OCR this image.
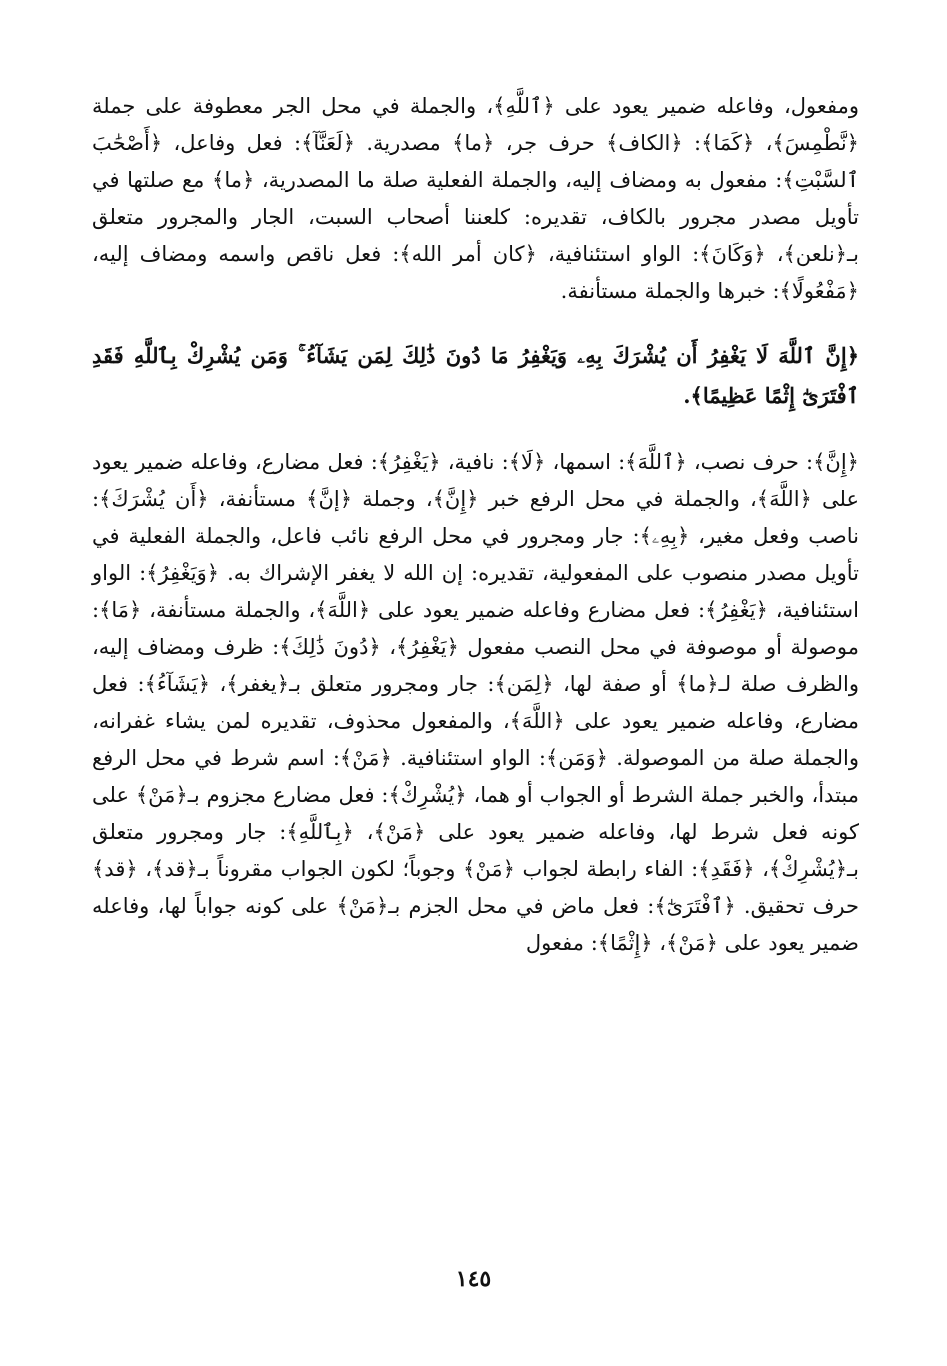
ومفعول، وفاعله ضمير يعود على ﴿ٱللَّهِ﴾، والجملة في محل الجر معطوفة على جملة ﴿نَّطْمِسَ﴾، ﴿كَمَا﴾: ﴿الكاف﴾ حرف جر، ﴿ما﴾ مصدرية. ﴿لَعَنَّآ﴾: فعل وفاعل، ﴿أَصْحَٰبَ ٱلسَّبْتِ﴾: مفعول به ومضاف إليه، والجملة الفعلية صلة ما المصدرية، ﴿ما﴾ مع صلتها في تأويل مصدر مجرور بالكاف، تقديره: كلعننا أصحاب السبت، الجار والمجرور متعلق بـ﴿نلعن﴾، ﴿وَكَانَ﴾: الواو استئنافية، ﴿كان أمر الله﴾: فعل ناقص واسمه ومضاف إليه، ﴿مَفْعُولًا﴾: خبرها والجملة مستأنفة.

﴿إِنَّ ٱللَّهَ لَا يَغْفِرُ أَن يُشْرَكَ بِهِۦ وَيَغْفِرُ مَا دُونَ ذَٰلِكَ لِمَن يَشَآءُ ۚ وَمَن يُشْرِكْ بِٱللَّهِ فَقَدِ ٱفْتَرَىٰٓ إِثْمًا عَظِيمًا﴾.

﴿إِنَّ﴾: حرف نصب، ﴿ٱللَّهَ﴾: اسمها، ﴿لَا﴾: نافية، ﴿يَغْفِرُ﴾: فعل مضارع، وفاعله ضمير يعود على ﴿اللَّهَ﴾، والجملة في محل الرفع خبر ﴿إِنَّ﴾، وجملة ﴿إنَّ﴾ مستأنفة، ﴿أَن يُشْرَكَ﴾: ناصب وفعل مغير، ﴿بِهِۦ﴾: جار ومجرور في محل الرفع نائب فاعل، والجملة الفعلية في تأويل مصدر منصوب على المفعولية، تقديره: إن الله لا يغفر الإشراك به. ﴿وَيَغْفِرُ﴾: الواو استئنافية، ﴿يَغْفِرُ﴾: فعل مضارع وفاعله ضمير يعود على ﴿اللَّهَ﴾، والجملة مستأنفة، ﴿مَا﴾: موصولة أو موصوفة في محل النصب مفعول ﴿يَغْفِرُ﴾، ﴿دُونَ ذَٰلِكَ﴾: ظرف ومضاف إليه، والظرف صلة لـ﴿ما﴾ أو صفة لها، ﴿لِمَن﴾: جار ومجرور متعلق بـ﴿يغفر﴾، ﴿يَشَآءُ﴾: فعل مضارع، وفاعله ضمير يعود على ﴿اللَّهَ﴾، والمفعول محذوف، تقديره لمن يشاء غفرانه، والجملة صلة من الموصولة. ﴿وَمَن﴾: الواو استئنافية. ﴿مَنْ﴾: اسم شرط في محل الرفع مبتدأ، والخبر جملة الشرط أو الجواب أو هما، ﴿يُشْرِكْ﴾: فعل مضارع مجزوم بـ﴿مَنْ﴾ على كونه فعل شرط لها، وفاعله ضمير يعود على ﴿مَنْ﴾، ﴿بِٱللَّهِ﴾: جار ومجرور متعلق بـ﴿يُشْرِكْ﴾، ﴿فَقَدِ﴾: الفاء رابطة لجواب ﴿مَنْ﴾ وجوباً؛ لكون الجواب مقروناً بـ﴿قد﴾، ﴿قد﴾ حرف تحقيق. ﴿ٱفْتَرَىٰٓ﴾: فعل ماض في محل الجزم بـ﴿مَنْ﴾ على كونه جواباً لها، وفاعله ضمير يعود على ﴿مَنْ﴾، ﴿إِثْمًا﴾: مفعول

١٤٥
